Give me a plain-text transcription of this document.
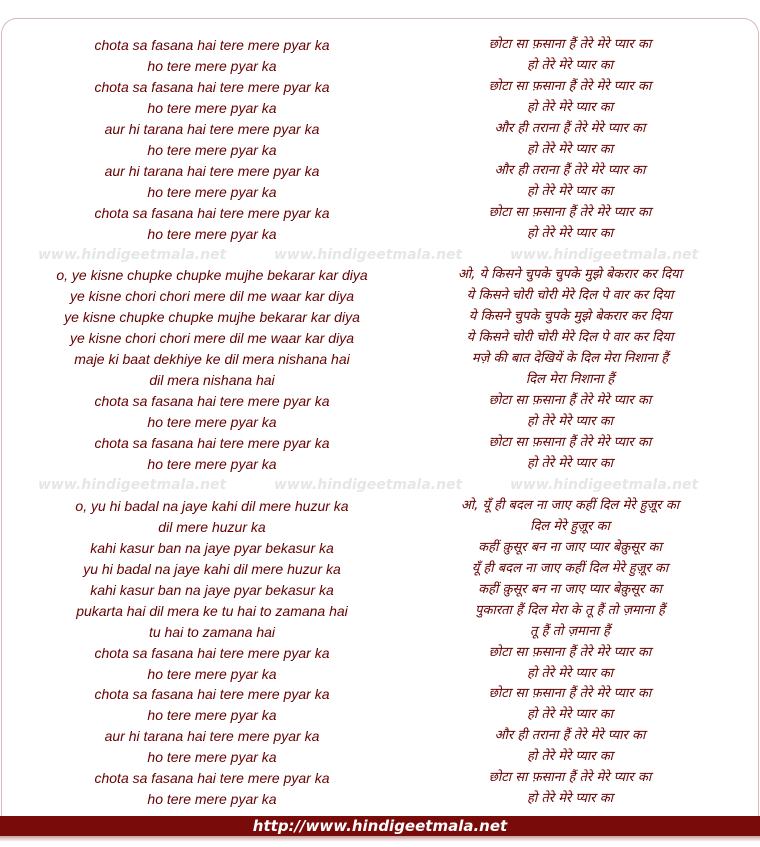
chota sa fasana hai tere mere pyar ka	छोटा सा फ़साना हैं तेरे मेरे प्यार का
ho tere mere pyar ka	हो तेरे मेरे प्यार का
chota sa fasana hai tere mere pyar ka	छोटा सा फ़साना हैं तेरे मेरे प्यार का
ho tere mere pyar ka	हो तेरे मेरे प्यार का
aur hi tarana hai tere mere pyar ka	और ही तराना हैं तेरे मेरे प्यार का
ho tere mere pyar ka	हो तेरे मेरे प्यार का
aur hi tarana hai tere mere pyar ka	और ही तराना हैं तेरे मेरे प्यार का
ho tere mere pyar ka	हो तेरे मेरे प्यार का
chota sa fasana hai tere mere pyar ka	छोटा सा फ़साना हैं तेरे मेरे प्यार का
ho tere mere pyar ka	हो तेरे मेरे प्यार का
www.hindigeetmala.net	www.hindigeetmala.net	www.hindigeetmala.net
o, ye kisne chupke chupke mujhe bekarar kar diya	ओ, ये किसने चुपके चुपके मुझे बेकरार कर दिया
ye kisne chori chori mere dil me waar kar diya	ये किसने चोरी चोरी मेरे दिल पे वार कर दिया
ye kisne chupke chupke mujhe bekarar kar diya	ये किसने चुपके चुपके मुझे बेकरार कर दिया
ye kisne chori chori mere dil me waar kar diya	ये किसने चोरी चोरी मेरे दिल पे वार कर दिया
maje ki baat dekhiye ke dil mera nishana hai	मज़े की बात देखियें के दिल मेरा निशाना हैं
dil mera nishana hai	दिल मेरा निशाना हैं
chota sa fasana hai tere mere pyar ka	छोटा सा फ़साना हैं तेरे मेरे प्यार का
ho tere mere pyar ka	हो तेरे मेरे प्यार का
chota sa fasana hai tere mere pyar ka	छोटा सा फ़साना हैं तेरे मेरे प्यार का
ho tere mere pyar ka	हो तेरे मेरे प्यार का
www.hindigeetmala.net	www.hindigeetmala.net	www.hindigeetmala.net
o, yu hi badal na jaye kahi dil mere huzur ka	ओ, यूँ ही बदल ना जाए कहीं दिल मेरे हुज़ूर का
dil mere huzur ka	दिल मेरे हुज़ूर का
kahi kasur ban na jaye pyar bekasur ka	कहीं क़ुसूर बन ना जाए प्यार बेक़ुसूर का
yu hi badal na jaye kahi dil mere huzur ka	यूँ ही बदल ना जाए कहीं दिल मेरे हुज़ूर का
kahi kasur ban na jaye pyar bekasur ka	कहीं क़ुसूर बन ना जाए प्यार बेक़ुसूर का
pukarta hai dil mera ke tu hai to zamana hai	पुकारता हैं दिल मेरा के तू हैं तो ज़माना हैं
tu hai to zamana hai	तू हैं तो ज़माना हैं
chota sa fasana hai tere mere pyar ka	छोटा सा फ़साना हैं तेरे मेरे प्यार का
ho tere mere pyar ka	हो तेरे मेरे प्यार का
chota sa fasana hai tere mere pyar ka	छोटा सा फ़साना हैं तेरे मेरे प्यार का
ho tere mere pyar ka	हो तेरे मेरे प्यार का
aur hi tarana hai tere mere pyar ka	और ही तराना हैं तेरे मेरे प्यार का
ho tere mere pyar ka	हो तेरे मेरे प्यार का
chota sa fasana hai tere mere pyar ka	छोटा सा फ़साना हैं तेरे मेरे प्यार का
ho tere mere pyar ka	हो तेरे मेरे प्यार का
http://www.hindigeetmala.net
